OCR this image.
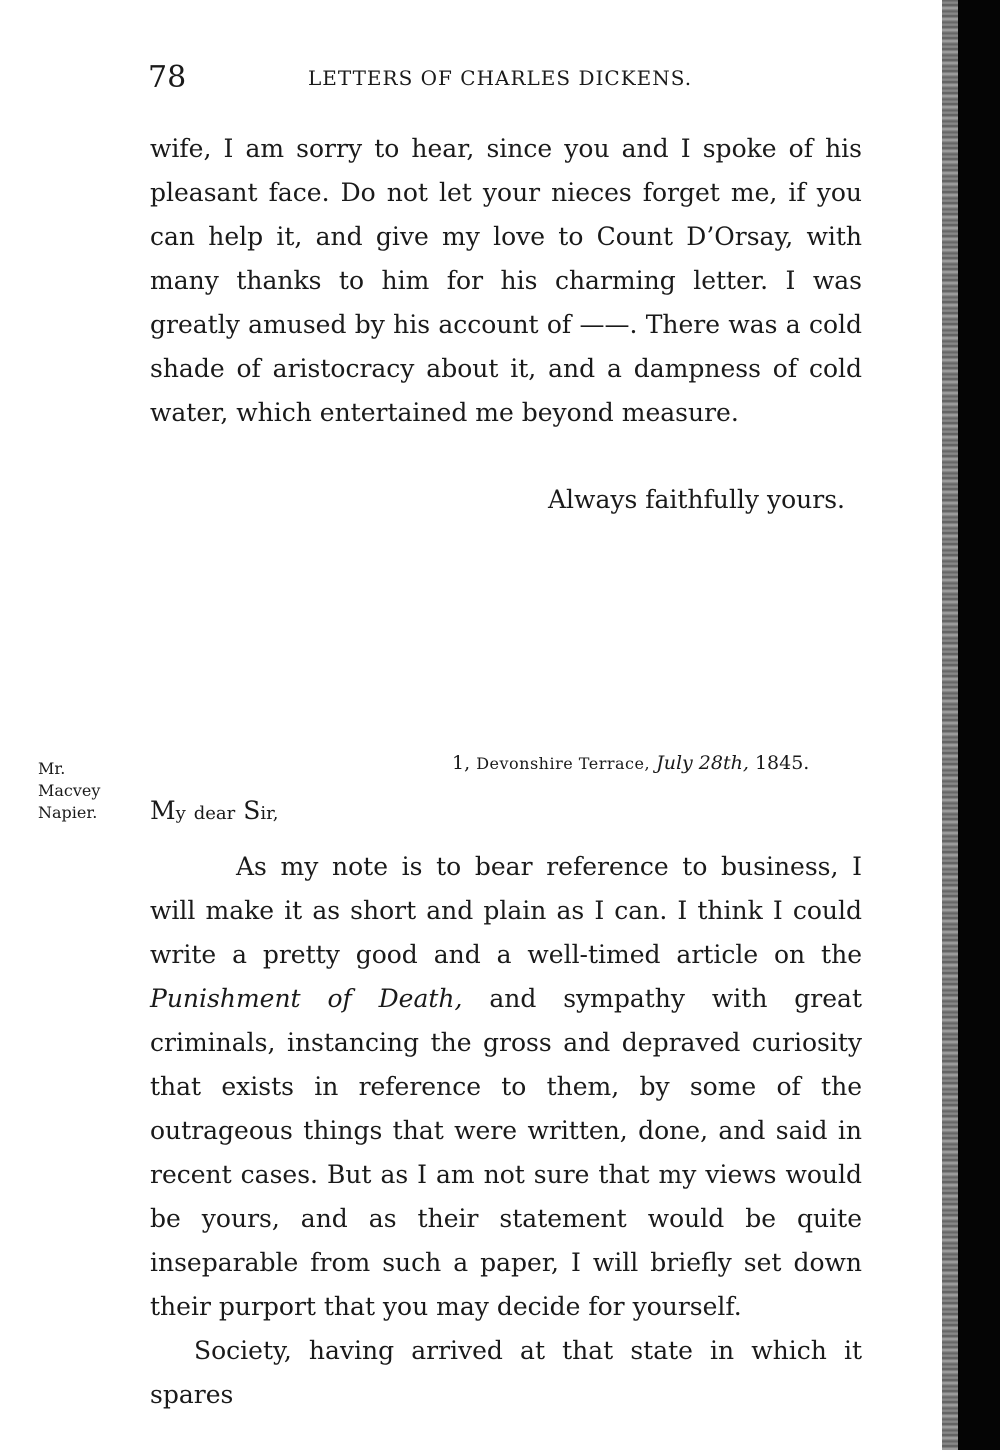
78	LETTERS OF CHARLES DICKENS.

wife, I am sorry to hear, since you and I spoke of his pleasant face. Do not let your nieces forget me, if you can help it, and give my love to Count D’Orsay, with many thanks to him for his charming letter. I was greatly amused by his account of ——. There was a cold shade of aristocracy about it, and a dampness of cold water, which entertained me beyond measure.

Always faithfully yours.
Mr.
Macvey
Napier.
1, Devonshire Terrace, July 28th, 1845.
My dear Sir,

As my note is to bear reference to business, I will make it as short and plain as I can. I think I could write a pretty good and a well-timed article on the Punishment of Death, and sympathy with great criminals, instancing the gross and depraved curiosity that exists in reference to them, by some of the outrageous things that were written, done, and said in recent cases. But as I am not sure that my views would be yours, and as their statement would be quite inseparable from such a paper, I will briefly set down their purport that you may decide for yourself.

Society, having arrived at that state in which it spares
